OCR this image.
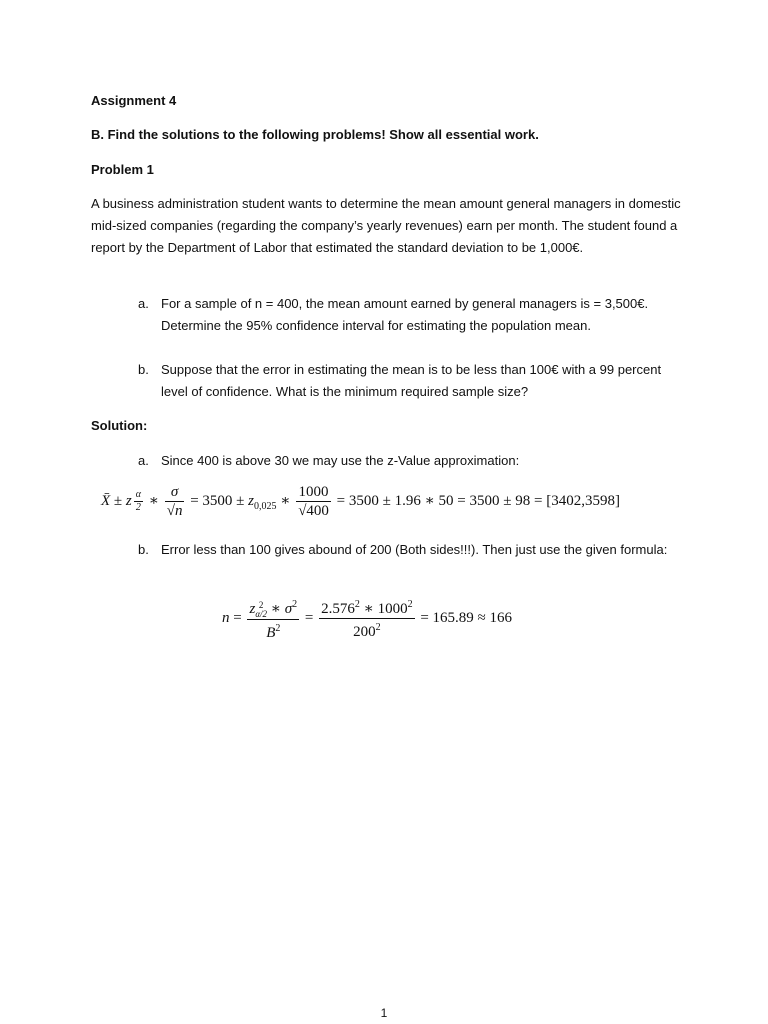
Assignment 4
B. Find the solutions to the following problems! Show all essential work.
Problem 1
A business administration student wants to determine the mean amount general managers in domestic mid-sized companies (regarding the company’s yearly revenues) earn per month. The student found a report by the Department of Labor that estimated the standard deviation to be 1,000€.
a. For a sample of n = 400, the mean amount earned by general managers is = 3,500€. Determine the 95% confidence interval for estimating the population mean.
b. Suppose that the error in estimating the mean is to be less than 100€ with a 99 percent level of confidence. What is the minimum required sample size?
Solution:
a. Since 400 is above 30 we may use the z-Value approximation:
X̄ ± z $\frac{\alpha}{2}$ ∗ $\frac{\sigma}{√n} = 3500 \pm z_{0,025}$ ∗ $\frac{1000}{√400} = 3500 \pm 1.96$ ∗ 50 = 3500 ± 98 = [3402,3598]
b. Error less than 100 gives abound of 200 (Both sides!!!). Then just use the given formula:
n = z 2
α/2 ∗ $\sigma^2$
$B^2 = \frac{2.576^2 ∗ 1000^2}{200^2} = 165.89 \approx 166$
1
